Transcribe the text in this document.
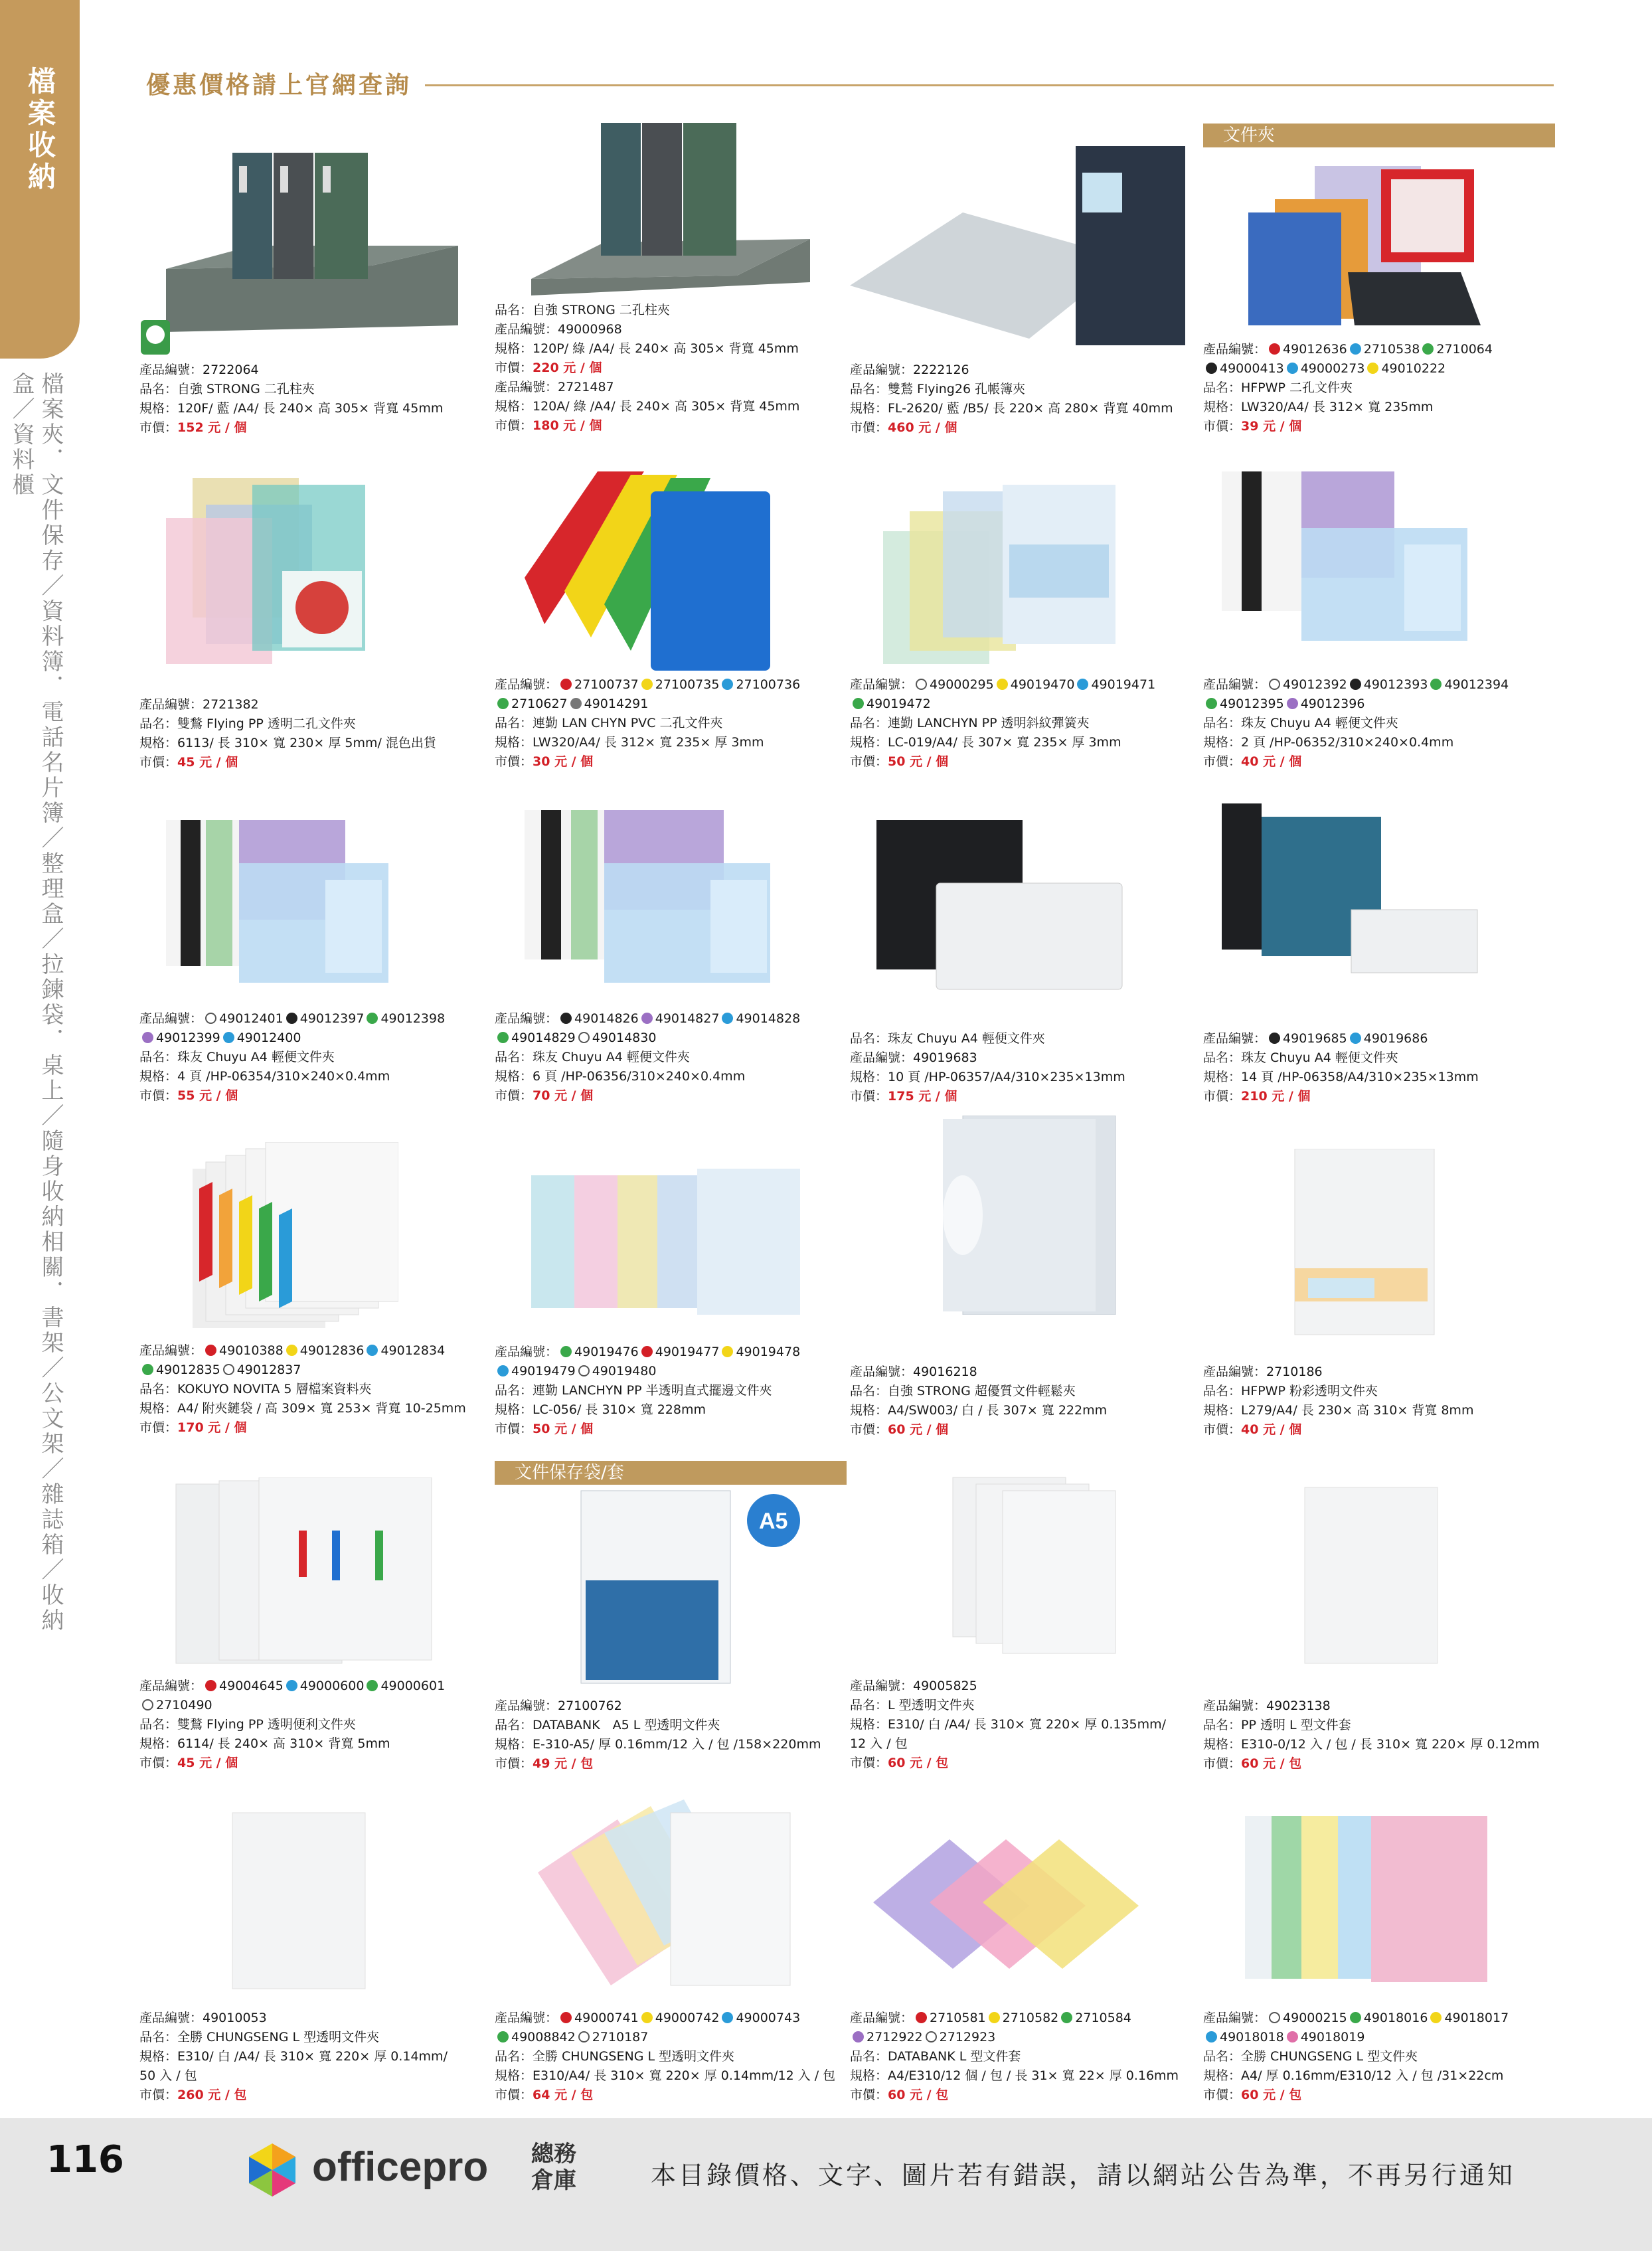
檔案收納
檔案夾．文件保存／資料簿．電話名片簿／整理盒／拉鍊袋．桌上／隨身收納相關．書架／公文架／雜誌箱／收納盒／資料櫃
優惠價格請上官網查詢
文件夾
文件保存袋/套
A5
產品編號：2722064
品名：自強 STRONG 二孔柱夾
規格：120F/ 藍 /A4/ 長 240× 高 305× 背寬 45mm
市價：152 元 / 個
品名：自強 STRONG 二孔柱夾
產品編號：49000968
規格：120P/ 綠 /A4/ 長 240× 高 305× 背寬 45mm
市價：220 元 / 個
產品編號：2721487
規格：120A/ 綠 /A4/ 長 240× 高 305× 背寬 45mm
市價：180 元 / 個
產品編號：2222126
品名：雙鶖 Flying26 孔帳簿夾
規格：FL-2620/ 藍 /B5/ 長 220× 高 280× 背寬 40mm
市價：460 元 / 個
產品編號： 49012636 2710538 2710064
49000413 49000273 49010222
品名：HFPWP 二孔文件夾
規格：LW320/A4/ 長 312× 寬 235mm
市價：39 元 / 個
產品編號：2721382
品名：雙鶖 Flying PP 透明二孔文件夾
規格：6113/ 長 310× 寬 230× 厚 5mm/ 混色出貨
市價：45 元 / 個
產品編號： 27100737 27100735 27100736
2710627 49014291
品名：連勤 LAN CHYN PVC 二孔文件夾
規格：LW320/A4/ 長 312× 寬 235× 厚 3mm
市價：30 元 / 個
產品編號： 49000295 49019470 49019471
49019472
品名：連勤 LANCHYN PP 透明斜紋彈簧夾
規格：LC-019/A4/ 長 307× 寬 235× 厚 3mm
市價：50 元 / 個
產品編號： 49012392 49012393 49012394
49012395 49012396
品名：珠友 Chuyu A4 輕便文件夾
規格：2 頁 /HP-06352/310×240×0.4mm
市價：40 元 / 個
產品編號： 49012401 49012397 49012398
49012399 49012400
品名：珠友 Chuyu A4 輕便文件夾
規格：4 頁 /HP-06354/310×240×0.4mm
市價：55 元 / 個
產品編號： 49014826 49014827 49014828
49014829 49014830
品名：珠友 Chuyu A4 輕便文件夾
規格：6 頁 /HP-06356/310×240×0.4mm
市價：70 元 / 個
品名：珠友 Chuyu A4 輕便文件夾
產品編號：49019683
規格：10 頁 /HP-06357/A4/310×235×13mm
市價：175 元 / 個
產品編號： 49019685 49019686
品名：珠友 Chuyu A4 輕便文件夾
規格：14 頁 /HP-06358/A4/310×235×13mm
市價：210 元 / 個
產品編號： 49010388 49012836 49012834
49012835 49012837
品名：KOKUYO NOVITA 5 層檔案資料夾
規格：A4/ 附夾鏈袋 / 高 309× 寬 253× 背寬 10-25mm
市價：170 元 / 個
產品編號： 49019476 49019477 49019478
49019479 49019480
品名：連勤 LANCHYN PP 半透明直式擺邊文件夾
規格：LC-056/ 長 310× 寬 228mm
市價：50 元 / 個
產品編號：49016218
品名：自強 STRONG 超優質文件輕鬆夾
規格：A4/SW003/ 白 / 長 307× 寬 222mm
市價：60 元 / 個
產品編號：2710186
品名：HFPWP 粉彩透明文件夾
規格：L279/A4/ 長 230× 高 310× 背寬 8mm
市價：40 元 / 個
產品編號： 49004645 49000600 49000601
2710490
品名：雙鶖 Flying PP 透明便利文件夾
規格：6114/ 長 240× 高 310× 背寬 5mm
市價：45 元 / 個
產品編號：27100762
品名：DATABANK　A5 L 型透明文件夾
規格：E-310-A5/ 厚 0.16mm/12 入 / 包 /158×220mm
市價：49 元 / 包
產品編號：49005825
品名：L 型透明文件夾
規格：E310/ 白 /A4/ 長 310× 寬 220× 厚 0.135mm/
12 入 / 包
市價：60 元 / 包
產品編號：49023138
品名：PP 透明 L 型文件套
規格：E310-0/12 入 / 包 / 長 310× 寬 220× 厚 0.12mm
市價：60 元 / 包
產品編號：49010053
品名：全勝 CHUNGSENG L 型透明文件夾
規格：E310/ 白 /A4/ 長 310× 寬 220× 厚 0.14mm/
50 入 / 包
市價：260 元 / 包
產品編號： 49000741 49000742 49000743
49008842 2710187
品名：全勝 CHUNGSENG L 型透明文件夾
規格：E310/A4/ 長 310× 寬 220× 厚 0.14mm/12 入 / 包
市價：64 元 / 包
產品編號： 2710581 2710582 2710584
2712922 2712923
品名：DATABANK L 型文件套
規格：A4/E310/12 個 / 包 / 長 31× 寬 22× 厚 0.16mm
市價：60 元 / 包
產品編號： 49000215 49018016 49018017
49018018 49018019
品名：全勝 CHUNGSENG L 型文件夾
規格：A4/ 厚 0.16mm/E310/12 入 / 包 /31×22cm
市價：60 元 / 包
116	officepro 總務倉庫	本目錄價格、文字、圖片若有錯誤，請以網站公告為準，不再另行通知
